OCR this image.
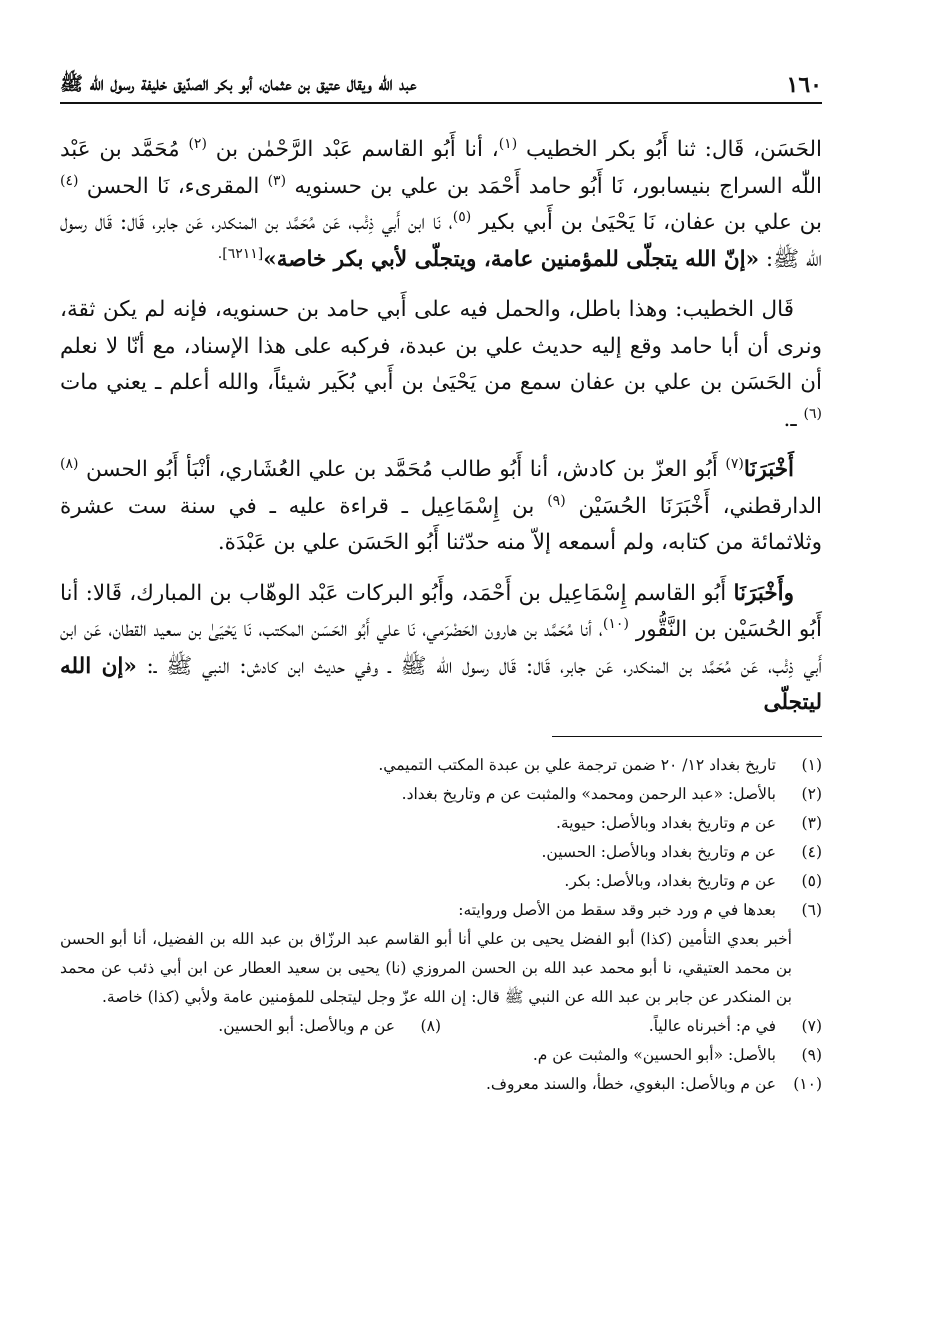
١٦٠
عبد الله ويقال عتيق بن عثمان، أبو بكر الصدّيق خليفة رسول الله ﷺ

الحَسَن، قَال: ثنا أَبُو بكر الخطيب $^{(١)}$، أنا أَبُو القاسم عَبْد الرَّحْمٰن بن $^{(٢)}$ مُحَمَّد بن عَبْد اللّٰه السراج بنيسابور، نَا أَبُو حامد أَحْمَد بن علي بن حسنويه $^{(٣)}$ المقرىء، نَا الحسن $^{(٤)}$ بن علي بن عفان، نَا يَحْيَىٰ بن أَبي بكير $^{(٥)}$، نَا ابن أَبي ذِئْب، عَن مُحَمَّد بن المنكدر، عَن جابر، قَال: قَال رسول الله ﷺ: «إنّ الله يتجلّى للمؤمنين عامة، ويتجلّى لأبي بكر خاصة»$^{[٦٢١١].}$

قَال الخطيب: وهذا باطل، والحمل فيه على أَبي حامد بن حسنويه، فإنه لم يكن ثقة، ونرى أن أبا حامد وقع إليه حديث علي بن عبدة، فركبه على هذا الإسناد، مع أنّا لا نعلم أن الحَسَن بن علي بن عفان سمع من يَحْيَىٰ بن أَبي بُكَير شيئاً، والله أعلم ـ يعني مات $^{(٦)}$ ـ.

أَخْبَرَنَا$^{(٧)}$ أَبُو العزّ بن كادش، أنا أَبُو طالب مُحَمَّد بن علي العُشَاري، أنْبَأ أَبُو الحسن $^{(٨)}$ الدارقطني، أَخْبَرَنَا الحُسَيْن $^{(٩)}$ بن إِسْمَاعِيل ـ قراءة عليه ـ في سنة ست عشرة وثلاثمائة من كتابه، ولم أسمعه إلاّ منه حدّثنا أَبُو الحَسَن علي بن عَبْدَة.

وأَخْبَرَنَا أَبُو القاسم إِسْمَاعِيل بن أَحْمَد، وأَبُو البركات عَبْد الوهّاب بن المبارك، قَالا: أنا أَبُو الحُسَيْن بن النَّقُّور $^{(١٠)}$، أنا مُحَمَّد بن هارون الحَضْرَمي، نَا علي أَبُو الحَسَن المكتب، نَا يَحْيَىٰ بن سعيد القطان، عَن ابن أَبي ذِئْب، عَن مُحَمَّد بن المنكدر، عَن جابر، قَال: قَال رسول الله ﷺ ـ وفي حديث ابن كادش: النبي ﷺ ـ: «إن الله ليتجلّى

(١)
تاريخ بغداد ١٢/ ٢٠ ضمن ترجمة علي بن عبدة المكتب التميمي.
(٢)
بالأصل: «عبد الرحمن ومحمد» والمثبت عن م وتاريخ بغداد.
(٣)
عن م وتاريخ بغداد وبالأصل: حيوية.
(٤)
عن م وتاريخ بغداد وبالأصل: الحسين.
(٥)
عن م وتاريخ بغداد، وبالأصل: بكر.
(٦)
بعدها في م ورد خبر وقد سقط من الأصل وروايته:
أخبر بعدي التأمين (كذا) أبو الفضل يحيى بن علي أنا أبو القاسم عبد الرزّاق بن عبد الله بن الفضيل، أنا أبو الحسن بن محمد العتيقي، نا أبو محمد عبد الله بن الحسن المروزي (نا) يحيى بن سعيد العطار عن ابن أبي ذئب عن محمد بن المنكدر عن جابر بن عبد الله عن النبي ﷺ قال: إن الله عزّ وجل ليتجلى للمؤمنين عامة ولأبي (كذا) خاصة.
(٧)
في م: أخبرناه عالياً.
(٨)
عن م وبالأصل: أبو الحسين.
(٩)
بالأصل: «أبو الحسين» والمثبت عن م.
(١٠)
عن م وبالأصل: البغوي، خطأ، والسند معروف.
